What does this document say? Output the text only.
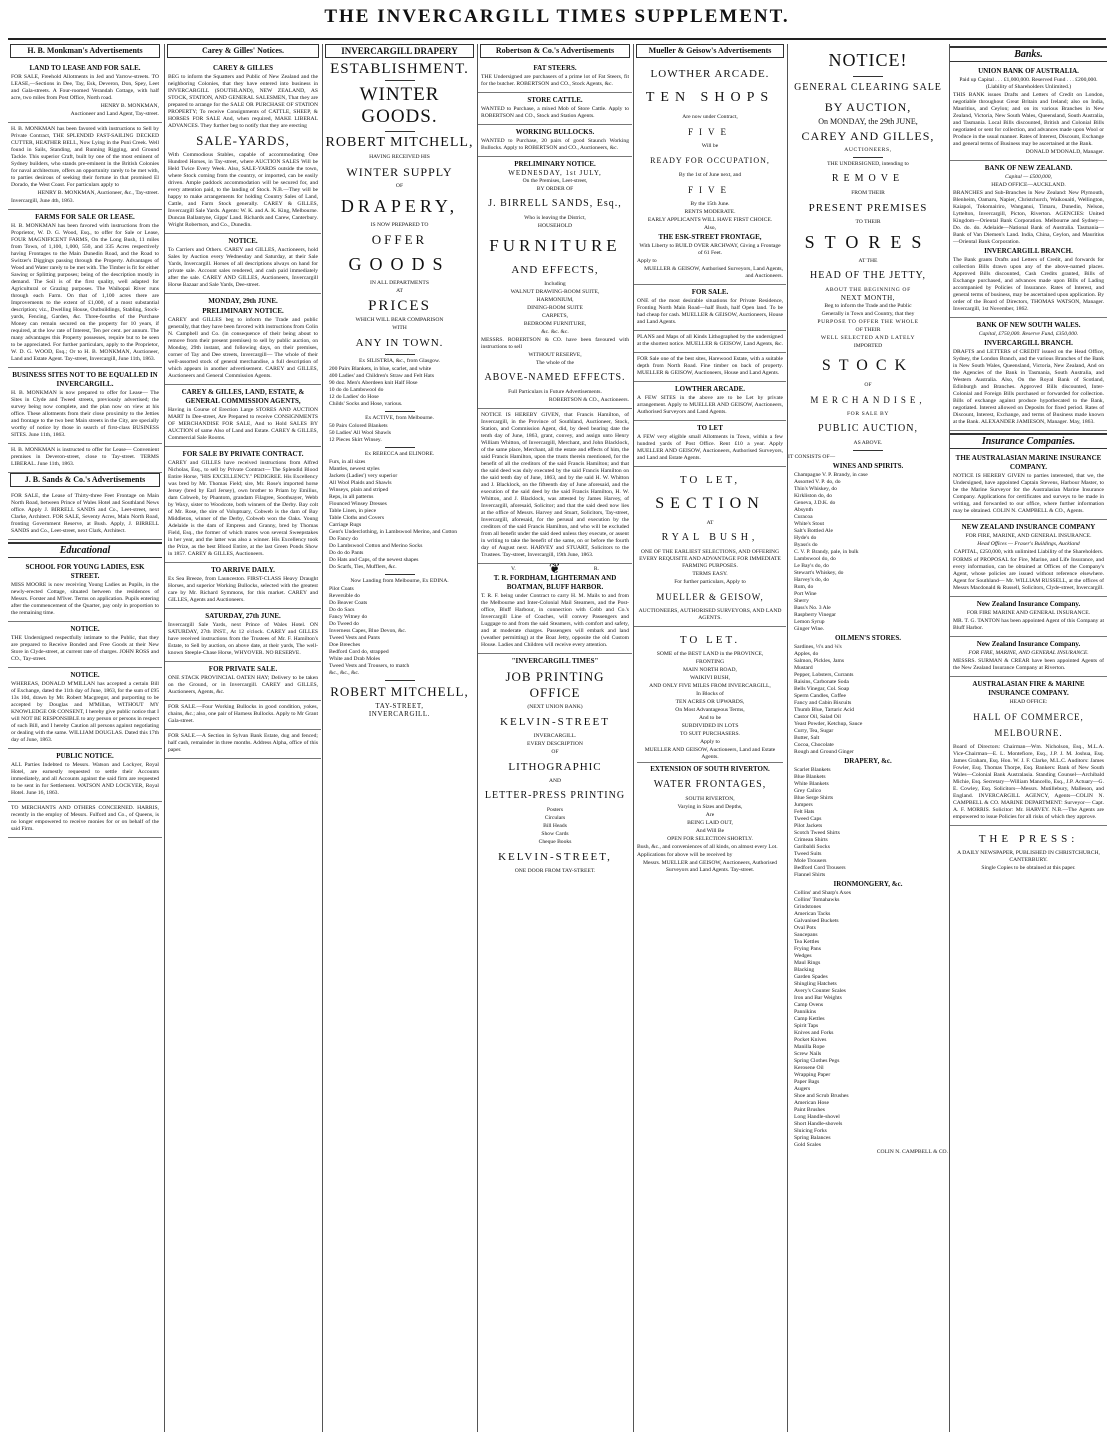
THE INVERCARGILL TIMES SUPPLEMENT.
H. B. Monkman's Advertisements
LAND TO LEASE AND FOR SALE.
FOR SALE, Freehold Allotments in Jed and Yarrow-streets. TO LEASE,—Sections in Dee, Tay, Esk, Deveron, Don, Spey, Leet and Gala-streets. A Four-roomed Verandah Cottage, with half acre, two miles from Post Office, North road.
HENRY B. MONKMAN,
Auctioneer and Land Agent, Tay-street.
H. B. MONKMAN has been favored with instructions to Sell by Private Contract, THE SPLENDID FAST-SAILING DECKED CUTTER, HEATHER BELL, Now Lying in the Puni Creek. Well found in Sails, Standing, and Running Rigging, and Ground Tackle. This superior Craft, built by one of the most eminent of Sydney builders, who stands pre-eminent in the British Colonies for naval architecture, offers an opportunity rarely to be met with, to parties desirous of seeking their fortune in that promised El Dorado, the West Coast. For particulars apply to
HENRY B. MONKMAN, Auctioneer, &c., Tay-street.
Invercargill, June 4th, 1863.
FARMS FOR SALE OR LEASE.
H. B. MONKMAN has been favored with instructions from the Proprietor, W. D. G. Wood, Esq., to offer for Sale or Lease, FOUR MAGNIFICENT FARMS, On the Long Bush, 11 miles from Town, of 1,100, 1,000, 550, and 335 Acres respectively having Frontages to the Main Dunedin Road, and the Road to Switzer's Diggings passing through the Property. Advantages of Wood and Water rarely to be met with. The Timber is fit for either Sawing or Splitting purposes; being of the description mostly in demand. The Soil is of the first quality, well adapted for Agricultural or Grazing purposes. The Waihopai River runs through each Farm. On that of 1,100 acres there are Improvements to the extent of £1,000, of a most substantial description; viz., Dwelling House, Outbuildings, Stabling, Stock-yards, Fencing, Garden, &c. Three-fourths of the Purchase Money can remain secured on the property for 10 years, if required, at the low rate of Interest, Ten per cent. per annum. The many advantages this Property possesses, require but to be seen to be appreciated. For further particulars, apply to the Proprietor, W. D. G. WOOD, Esq.; Or to H. B. MONKMAN, Auctioneer, Land and Estate Agent. Tay-street, Invercargill, June 11th, 1863.
BUSINESS SITES NOT TO BE EQUALLED IN INVERCARGILL.
H. B. MONKMAN is now prepared to offer for Lease— The Sites in Clyde and Tweed streets, previously advertised; the survey being now complete, and the plan now on view at his office. These allotments from their close proximity to the Jetties and frontage to the two best Main streets in the City, are specially worthy of notice by those in search of first-class BUSINESS SITES. June 11th, 1863.
H. B. MONKMAN is instructed to offer for Lease— Convenient premises in Deveron-street, close to Tay-street. TERMS LIBERAL. June 11th, 1863.
J. B. Sands & Co.'s Advertisements
FOR SALE, the Lease of Thirty-three Feet Frontage on Main North Road, between Prince of Wales Hotel and Southland News office. Apply J. BIRRELL SANDS and Co., Leet-street, next Clarke, Architect. FOR SALE, Seventy Acres, Main North Road, fronting Government Reserve, at Bush. Apply, J. BIRRELL SANDS and Co., Leet-street, next Clark, Architect.
Educational
SCHOOL FOR YOUNG LADIES, ESK STREET.
MISS MOORE is now receiving Young Ladies as Pupils, in the newly-erected Cottage, situated between the residences of Messrs. Forster and M'Iver. Terms on application. Pupils entering after the commencement of the Quarter, pay only in proportion to the remaining time.
NOTICE.
THE Undersigned respectfully intimate to the Public, that they are prepared to Receive Bonded and Free Goods at their New Store in Clyde-street, at current rate of charges. JOHN ROSS and CO., Tay-street.
NOTICE.
WHEREAS, DONALD M'MILLAN has accepted a certain Bill of Exchange, dated the 11th day of June, 1863, for the sum of £95 13s 10d, drawn by Mr. Robert Macgregor, and purporting to be accepted by Douglas and M'Millan, WITHOUT MY KNOWLEDGE OR CONSENT, I hereby give public notice that I will NOT BE RESPONSIBLE to any person or persons in respect of such Bill, and I hereby Caution all persons against negotiating or dealing with the same. WILLIAM DOUGLAS. Dated this 17th day of June, 1863.
PUBLIC NOTICE.
ALL Parties Indebted to Messrs. Watson and Lockyer, Royal Hotel, are earnestly requested to settle their Accounts immediately, and all Accounts against the said firm are requested to be sent in for Settlement. WATSON AND LOCKYER, Royal Hotel. June 16, 1863.
TO MERCHANTS AND OTHERS CONCERNED. HARRIS, recently in the employ of Messrs. Fulford and Co., of Queens, is no longer empowered to receive monies for or on behalf of the said Firm.
Carey & Gilles' Notices.
CAREY & GILLES
BEG to inform the Squatters and Public of New Zealand and the neighboring Colonies, that they have entered into business in INVERCARGILL (SOUTHLAND), NEW ZEALAND, AS STOCK, STATION, AND GENERAL SALESMEN, That they are prepared to arrange for the SALE OR PURCHASE OF STATION PROPERTY; To receive Consignments of CATTLE, SHEEP, & HORSES FOR SALE And, when required, MAKE LIBERAL ADVANCES. They further beg to notify that they are erecting
SALE-YARDS,
With Commodious Stables, capable of accommodating One Hundred Horses, in Tay-street, where AUCTION SALES Will be Held Twice Every Week. Also, SALE-YARDS outside the town, where Stock coming from the country, or imported, can be easily driven. Ample paddock accommodation will be secured for, and every attention paid, to the landing of Stock. N.B.—They will be happy to make arrangements for holding Country Sales of Land, Cattle, and Farm Stock generally. CAREY & GILLES, Invercargill Sale Yards. Agents: W. K. and A. K. King, Melbourne. Duncan Ballantyne, Gipps' Land. Richards and Carew, Canterbury. Wright Robertson, and Co., Dunedin.
NOTICE.
To Carriers and Others. CAREY and GILLES, Auctioneers, hold Sales by Auction every Wednesday and Saturday, at their Sale Yards, Invercargill. Horses of all descriptions always on hand for private sale. Account sales rendered, and cash paid immediately after the sale. CAREY AND GILLES, Auctioneers, Invercargill Horse Bazaar and Sale Yards, Dee-street.
MONDAY, 29th JUNE.
PRELIMINARY NOTICE.
CAREY and GILLES beg to inform the Trade and public generally, that they have been favored with instructions from Colin N. Campbell and Co. (in consequence of their being about to remove from their present premises) to sell by public auction, on Monday, 29th instant, and following days, on their premises, corner of Tay and Dee streets, Invercargill— The whole of their well-assorted stock of general merchandise, a full description of which appears in another advertisement. CAREY and GILLES, Auctioneers and General Commission Agents.
CAREY & GILLES, LAND, ESTATE, & GENERAL COMMISSION AGENTS,
Having in Course of Erection Large STORES AND AUCTION MART In Dee-street, Are Prepared to receive CONSIGNMENTS OF MERCHANDISE FOR SALE, And to Hold SALES BY AUCTION of same Also of Land and Estate. CAREY & GILLES, Commercial Sale Rooms.
FOR SALE BY PRIVATE CONTRACT.
CAREY and GILLES have received instructions from Alfred Nicholas, Esq., to sell by Private Contract— The Splendid Blood Entire Horse, "HIS EXCELLENCY." PEDIGREE. His Excellency was bred by Mr. Thomas Field; sire, Mr. Rose's imported horse Jersey (bred by Earl Jersey), own brother to Priam by Emilius, dam Cobweb, by Phantom, grandam Filagree, Soothsayer, Webb by Waxy, sister to Woodcote, both winners of the Derby. Bay colt of Mr. Rose, the sire of Voluptuary, Cobweb is the dam of Bay Middleton, winner of the Derby, Cobweb won the Oaks. Young Adelaide is the dam of Empress and Granny, bred by Thomas Field, Esq., the former of which mares won several Sweepstakes in her year, and the latter was also a winner. His Excellency took the Prize, as the best Blood Entire, at the last Green Ponds Show in 1857. CAREY & GILLES, Auctioneers.
TO ARRIVE DAILY.
Ex Sea Breeze, from Launceston. FIRST-CLASS Heavy Draught Horses, and superior Working Bullocks, selected with the greatest care by Mr. Richard Symmons, for this market. CAREY and GILLES, Agents and Auctioneers.
SATURDAY, 27th JUNE.
Invercargill Sale Yards, next Prince of Wales Hotel. ON SATURDAY, 27th INST., At 12 o'clock. CAREY and GILLES have received instructions from the Trustees of Mr. F. Hamilton's Estate, to Sell by auction, on above date, at their yards, The well-known Steeple-Chase Horse, WHYOVER. NO RESERVE.
FOR PRIVATE SALE.
ONE STACK PROVINCIAL OATEN HAY; Delivery to be taken on the Ground, or in Invercargill. CAREY and GILLES, Auctioneers, Agents, &c.
FOR SALE.—Four Working Bullocks in good condition, yokes, chains, &c.; also, one pair of Harness Bullocks. Apply to Mr Grant Gala-street.
FOR SALE.—A Section in Sylvan Bank Estate, dug and fenced; half cash, remainder in three months. Address Alpha, office of this paper.
INVERCARGILL DRAPERY
ESTABLISHMENT.
WINTER GOODS.
ROBERT MITCHELL,
HAVING RECEIVED HIS
WINTER SUPPLY
OF
DRAPERY,
IS NOW PREPARED TO
OFFER
GOODS
IN ALL DEPARTMENTS
AT
PRICES
WHICH WILL BEAR COMPARISON
WITH
ANY IN TOWN.
Ex SILISTRIA, &c., from Glasgow.
200 Pairs Blankets, in blue, scarlet, and white
400 Ladies' and Children's Straw and Felt Hats
90 doz. Men's Aberdeen knit Half Hose
10 do do Lambswool do
12 do Ladies' do Hose
Childs' Socks and Hose, various.
Ex ACTIVE, from Melbourne.
50 Pairs Colored Blankets
50 Ladies' All Wool Shawls
12 Pieces Skirt Winsey.
Ex REBECCA and ELINORE.
Furs, in all sizes
Mantles, newest styles
Jackets (Ladies') very superior
All Wool Plaids and Shawls
Winseys, plain and striped
Reps, in all patterns
Flounced Winsey Dresses
Table Linen, in piece
Table Cloths and Covers
Carriage Rugs
Gent's Underclothing, in Lambswool Merino, and Cotton
Do Fancy do
Do Lambswool Cotton and Merino Socks
Do do do Pants
Do Hats and Caps, of the newest shapes
Do Scarfs, Ties, Mufflers, &c.
Now Landing from Melbourne, Ex EDINA.
Pilot Coats
Reversible do
Do Beaver Coats
Do do Sacs
Fancy Witney do
Do Tweed do
Inverness Capes, Blue Devon, &c.
Tweed Vests and Pants
Doe Breeches
Bedford Cord do, strapped
White and Drab Moles
Tweed Vests and Trousers, to match
&c., &c., &c.
ROBERT MITCHELL,
TAY-STREET,
INVERCARGILL.
Robertson & Co.'s Advertisements
FAT STEERS.
THE Undersigned are purchasers of a prime lot of Fat Steers, fit for the butcher. ROBERTSON and CO., Stock Agents, &c.
STORE CATTLE.
WANTED to Purchase, a mixed Mob of Store Cattle. Apply to ROBERTSON and CO., Stock and Station Agents.
WORKING BULLOCKS.
WANTED to Purchase, 20 pairs of good Staunch Working Bullocks. Apply to ROBERTSON and CO., Auctioneers, &c.
PRELIMINARY NOTICE.
WEDNESDAY, 1st JULY,
On the Premises, Leet-street,
BY ORDER OF
J. BIRRELL SANDS, Esq.,
Who is leaving the District,
HOUSEHOLD
FURNITURE
AND EFFECTS,
Including
WALNUT DRAWING-ROOM SUITE,
HARMONIUM,
DINING-ROOM SUITE
CARPETS,
BEDROOM FURNITURE,
&c. &c. &c.
MESSRS. ROBERTSON & CO. have been favoured with instructions to sell
WITHOUT RESERVE,
The whole of the
ABOVE-NAMED EFFECTS.
Full Particulars in Future Advertisements.
ROBERTSON & CO., Auctioneers.
NOTICE IS HEREBY GIVEN, that Francis Hamilton, of Invercargill, in the Province of Southland, Auctioneer, Stock, Station, and Commission Agent, did, by deed bearing date the tenth day of June, 1863, grant, convey, and assign unto Henry William Whitton, of Invercargill, Merchant, and John Blacklock, of the same place, Merchant, all the estate and effects of him, the said Francis Hamilton, upon the trusts therein mentioned, for the benefit of all the creditors of the said Francis Hamilton; and that the said deed was duly executed by the said Francis Hamilton on the said tenth day of June, 1863, and by the said H. W. Whitton and J. Blacklock, on the fifteenth day of June aforesaid, and the execution of the said deed by the said Francis Hamilton, H. W. Whitton, and J. Blacklock, was attested by James Harvey, of Invercargill, aforesaid, Solicitor; and that the said deed now lies at the office of Messrs. Harvey and Stuart, Solicitors, Tay-street, Invercargill, aforesaid, for the perusal and execution by the creditors of the said Francis Hamilton, and who will be excluded from all benefit under the said deed unless they execute, or assent in writing to take the benefit of the same, on or before the fourth day of August next. HARVEY and STUART, Solicitors to the Trustees. Tay-street, Invercargill, 19th June, 1863.
V. ❦	R.
T. R. FORDHAM, LIGHTERMAN AND BOATMAN, BLUFF HARBOR.
T. R. F. being under Contract to carry H. M. Mails to and from the Melbourne and Inter-Colonial Mail Steamers, and the Post-office, Bluff Harbour, in connection with Cobb and Co.'s Invercargill Line of Coaches, will convey Passengers and Luggage to and from the said Steamers, with comfort and safety, and at moderate charges. Passengers will embark and land (weather permitting) at the Boat Jetty, opposite the old Custom House. Ladies and Children will receive every attention.
"INVERCARGILL TIMES"
JOB PRINTING OFFICE
(NEXT UNION BANK)
KELVIN-STREET
INVERCARGILL.
EVERY DESCRIPTION
OF
LITHOGRAPHIC
AND
LETTER-PRESS PRINTING
Posters
Circulars
Bill Heads
Show Cards
Cheque Books
KELVIN-STREET,
ONE DOOR FROM TAY-STREET.
Mueller & Geisow's Advertisements
LOWTHER ARCADE.
TEN SHOPS
Are now under Contract,
FIVE
Will be
READY FOR OCCUPATION,
By the 1st of June next, and
FIVE
By the 15th June.
RENTS MODERATE.
EARLY APPLICANTS WILL HAVE FIRST CHOICE.
Also,
THE ESK-STREET FRONTAGE,
With Liberty to BUILD OVER ARCHWAY, Giving a Frontage of 61 Feet.
Apply to
MUELLER & GEISOW, Authorised Surveyors, Land Agents, and Auctioneers.
FOR SALE.
ONE of the most desirable situations for Private Residence, Fronting North Main Road—half Bush, half Open land. To be had cheap for cash. MUELLER & GEISOW, Auctioneers, House and Land Agents.
PLANS and Maps of all Kinds Lithographed by the undersigned at the shortest notice. MUELLER & GEISOW, Land Agents, &c.
FOR Sale one of the best sites, Harewood Estate, with a suitable depth from North Road. Fine timber on back of property. MUELLER & GEISOW, Auctioneers, House and Land Agents.
LOWTHER ARCADE.
A FEW SITES in the above are to be Let by private arrangement. Apply to MUELLER AND GEISOW, Auctioneers, Authorised Surveyors and Land Agents.
TO LET
A FEW very eligible small Allotments in Town, within a few hundred yards of Post Office. Rent £10 a year. Apply MUELLER AND GEISOW, Auctioneers, Authorised Surveyors, and Land and Estate Agents.
TO LET,
SECTION
AT
RYAL BUSH,
ONE OF THE EARLIEST SELECTIONS, AND OFFERING EVERY REQUISITE AND ADVANTAGE FOR IMMEDIATE FARMING PURPOSES.
TERMS EASY.
For further particulars, Apply to
MUELLER & GEISOW,
AUCTIONEERS, AUTHORISED SURVEYORS, AND LAND AGENTS.
TO LET.
SOME of the BEST LAND in the PROVINCE,
FRONTING
MAIN NORTH ROAD,
WAIKIVI BUSH,
AND ONLY FIVE MILES FROM INVERCARGILL,
In Blocks of
TEN ACRES OR UPWARDS,
On Most Advantageous Terms,
And to be
SUBDIVIDED IN LOTS
TO SUIT PURCHASERS.
Apply to
MUELLER AND GEISOW, Auctioneers, Land and Estate Agents.
EXTENSION OF SOUTH RIVERTON.
WATER FRONTAGES,
SOUTH RIVERTON,
Varying in Sizes and Depths,
Are
BEING LAID OUT,
And Will Be
OPEN FOR SELECTION SHORTLY.
Bush, &c., and conveniences of all kinds, on almost every Lot.
Applications for above will be received by
Messrs. MUELLER and GEISOW, Auctioneers, Authorised Surveyors and Land Agents. Tay-street.
NOTICE!
GENERAL CLEARING SALE
BY AUCTION,
On MONDAY, the 29th JUNE,
CAREY AND GILLES,
AUCTIONEERS,
THE UNDERSIGNED, intending to
REMOVE
FROM THEIR
PRESENT PREMISES
TO THEIR
STORES
AT THE
HEAD OF THE JETTY,
ABOUT THE BEGINNING OF
NEXT MONTH,
Beg to inform the Trade and the Public
Generally in Town and Country, that they
PURPOSE TO OFFER THE WHOLE
OF THEIR
WELL SELECTED AND LATELY
IMPORTED
STOCK
OF
MERCHANDISE,
FOR SALE BY
PUBLIC AUCTION,
AS ABOVE.
IT CONSISTS OF—
WINES AND SPIRITS.
Champagne V. P. Brandy, in case
Assorted V. P. do, do
Thin's Whiskey, do
Kirkliston do, do
Geneva, J.D.K. do
Absynth
Curacoa
White's Stout
Salt's Bottled Ale
Hyde's do
Byass's do
C. V. P. Brandy, pale, in bulk
Lambswool do, do
Le Bay's do, do
Stewart's Whiskey, do
Harvey's do, do
Rum, do
Port Wine
Sherry
Bass's No. 3 Ale
Raspberry Vinegar
Lemon Syrup
Ginger Wine.
OILMEN'S STORES.
Sardines, ½'s and ¼'s
Apples, do
Salmon, Pickles, Jams
Mustard
Pepper, Lobsters, Currants
Raisins, Carbonate Soda
Bells Vinegar, Col. Soap
Sperm Candles, Coffee
Fancy and Cabin Biscuits
Thumb Blue, Tartaric Acid
Castor Oil, Salad Oil
Yeast Powder, Ketchup, Sauce
Curry, Tea, Sugar
Butter, Salt
Cocoa, Chocolate
Rough and Ground Ginger
DRAPERY, &c.
Scarlet Blankets
Blue Blankets
White Blankets
Grey Calico
Blue Serge Shirts
Jumpers
Felt Hats
Tweed Caps
Pilot Jackets
Scotch Tweed Shirts
Crimean Shirts
Garibaldi Socks
Tweed Suits
Mole Trousers
Bedford Cord Trousers
Flannel Shirts
IRONMONGERY, &c.
Collins' and Sharp's Axes
Collins' Tomahawks
Grindstones
American Tacks
Galvanised Buckets
Oval Pots
Saucepans
Tea Kettles
Frying Pans
Wedges
Maul Rings
Blacking
Garden Spades
Shingling Hatchets
Avery's Counter Scales
Iron and Bar Weights
Camp Ovens
Pannikins
Camp Kettles
Spirit Taps
Knives and Forks
Pocket Knives
Manilla Rope
Screw Nails
Spring Clothes Pegs
Kerosene Oil
Wrapping Paper
Paper Bags
Augers
Shoe and Scrub Brushes
American Hose
Paint Brushes
Long Handle-shovel
Short Handle-shovels
Sluicing Forks
Spring Balances
Gold Scales
COLIN N. CAMPBELL & CO.
Banks.
UNION BANK OF AUSTRALIA.
Paid up Capital . . . £1,000,000. Reserved Fund . . . £200,000. (Liability of Shareholders Unlimited.)
THIS BANK issues Drafts and Letters of Credit on London, negotiable throughout Great Britain and Ireland; also on India, Mauritius, and Ceylon; and on its various Branches in New Zealand, Victoria, New South Wales, Queensland, South Australia, and Tasmania. Local Bills discounted, British and Colonial Bills negotiated or sent for collection, and advances made upon Wool or Produce in the usual manner. Rates of Interest, Discount, Exchange and general terms of Business may be ascertained at the Bank.
DONALD M'DONALD, Manager.
BANK OF NEW ZEALAND.
Capital — £500,000,
HEAD OFFICE—AUCKLAND.
BRANCHES and Sub-Branches in New Zealand: New Plymouth, Blenheim, Oamaru, Napier, Christchurch, Waikouaiti, Wellington, Kaiapoi, Tokomairiro, Wanganui, Timaru, Dunedin, Nelson, Lyttelton, Invercargill, Picton, Riverton. AGENCIES: United Kingdom—Oriental Bank Corporation. Melbourne and Sydney—Do. do. do. Adelaide—National Bank of Australia. Tasmania—Bank of Van Diemen's Land. India, China, Ceylon, and Mauritius—Oriental Bank Corporation.
INVERCARGILL BRANCH.
The Bank grants Drafts and Letters of Credit, and forwards for collection Bills drawn upon any of the above-named places. Approved Bills discounted, Cash Credits granted, Bills of Exchange purchased, and advances made upon Bills of Lading accompanied by Policies of Insurance. Rates of Interest, and general terms of business, may be ascertained upon application. By order of the Board of Directors, THOMAS WATSON, Manager. Invercargill, 1st November, 1862.
BANK OF NEW SOUTH WALES.
Capital, £750,000. Reserve Fund, £350,000.
INVERCARGILL BRANCH.
DRAFTS and LETTERS of CREDIT issued on the Head Office, Sydney, the London Branch, and the various Branches of the Bank in New South Wales, Queensland, Victoria, New Zealand, And on the Agencies of the Bank in Tasmania, South Australia, and Western Australia. Also, On the Royal Bank of Scotland, Edinburgh and Branches. Approved Bills discounted, Inter-Colonial and Foreign Bills purchased or forwarded for collection. Bills of exchange against produce hypothecated to the Bank, negotiated. Interest allowed on Deposits for fixed period. Rates of Discount, Interest, Exchange, and terms of Business made known at the Bank. ALEXANDER JAMIESON, Manager. May, 1863.
Insurance Companies.
THE AUSTRALASIAN MARINE INSURANCE COMPANY.
NOTICE IS HEREBY GIVEN to parties interested, that we, the Undersigned, have appointed Captain Stevens, Harbour Master, to be the Marine Surveyor for the Australasian Marine Insurance Company. Applications for certificates and surveys to be made in writing, and forwarded to our office, where further information may be obtained. COLIN N. CAMPBELL & CO., Agents.
NEW ZEALAND INSURANCE COMPANY
FOR FIRE, MARINE, AND GENERAL INSURANCE.
Head Offices — Fraser's Buildings, Auckland
CAPITAL, £250,000, with unlimited Liability of the Shareholders.
FORMS of PROPOSAL for Fire, Marine, and Life Insurance, and every information, can be obtained at Offices of the Company's Agent, whose policies are issued without reference elsewhere. Agent for Southland— Mr. WILLIAM RUSSELL, at the offices of Messrs Macdonald & Russell, Solicitors, Clyde-street, Invercargill.
New Zealand Insurance Company.
FOR FIRE MARINE AND GENERAL INSURANCE.
MR. T. G. TANTON has been appointed Agent of this Company at Bluff Harbor.
New Zealand Insurance Company.
FOR FIRE, MARINE, AND GENERAL INSURANCE.
MESSRS. SURMAN & CREAR have been appointed Agents of the New Zealand Insurance Company at Riverton.
AUSTRALASIAN FIRE & MARINE INSURANCE COMPANY.
HEAD OFFICE:
HALL OF COMMERCE, MELBOURNE.
Board of Directors: Chairman—Wm. Nicholson, Esq., M.L.A. Vice-Chairman—E. L. Montefiore, Esq., J.P. J. M. Joshua, Esq. James Graham, Esq. Hon. W. J. F. Clarke, M.L.C. Auditors: James Fowler, Esq. Thomas Thorpe, Esq. Bankers: Bank of New South Wales—Colonial Bank Australasia. Standing Counsel—Archibald Michie, Esq. Secretary—William Mancello, Esq., J.P. Actuary—G. E. Cowley, Esq. Solicitors—Messrs. Mutillebury, Malleson, and England. INVERCARGILL AGENCY, Agents—COLIN N. CAMPBELL & CO. MARINE DEPARTMENT: Surveyor— Capt. A. F. MORRIS. Solicitor: Mr. HARVEY. N.B.—The Agents are empowered to issue Policies for all risks of which they approve.
THE PRESS:
A DAILY NEWSPAPER, PUBLISHED IN CHRISTCHURCH, CANTERBURY.
Single Copies to be obtained at this paper.
